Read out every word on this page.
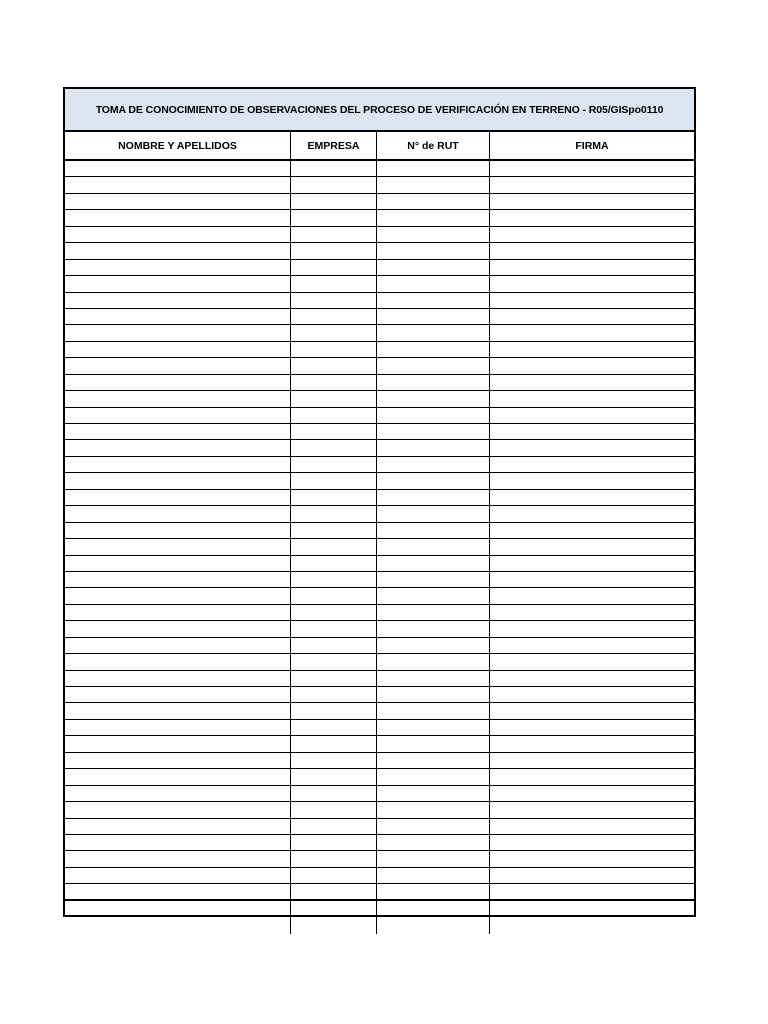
TOMA DE CONOCIMIENTO DE OBSERVACIONES DEL PROCESO DE VERIFICACIÓN EN TERRENO - R05/GISpo0110
NOMBRE Y APELLIDOS	EMPRESA	N° de RUT	FIRMA
